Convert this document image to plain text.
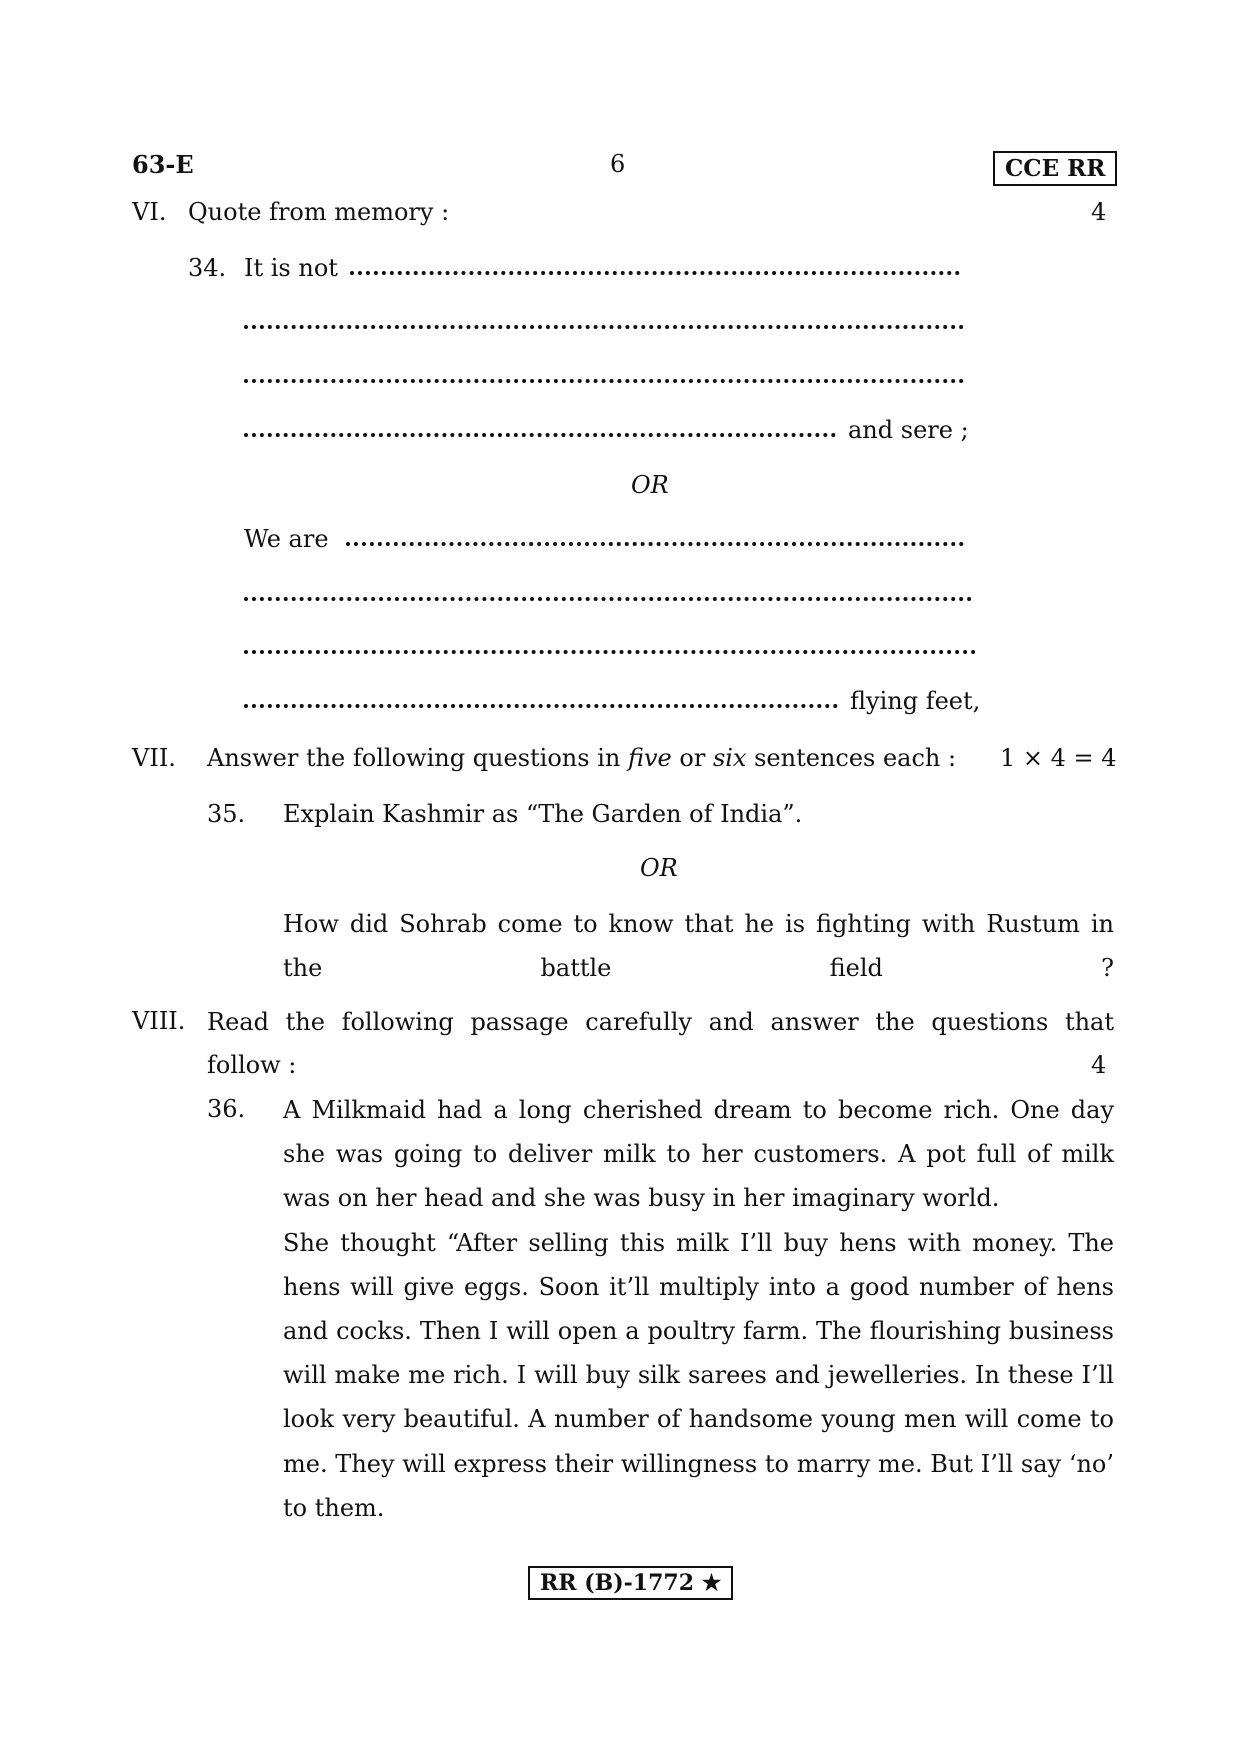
63-E	6	CCE RR
VI. Quote from memory :	4
34. It is not
and sere ;
OR
We are
flying feet,
VII. Answer the following questions in five or six sentences each : 1 × 4 = 4
35. Explain Kashmir as “The Garden of India”.
OR

How did Sohrab come to know that he is fighting with Rustum in the battle field ?

VIII. Read the following passage carefully and answer the questions that

follow :	4
36. A Milkmaid had a long cherished dream to become rich. One day she was going to deliver milk to her customers. A pot full of milk was on her head and she was busy in her imaginary world.

She thought “After selling this milk I’ll buy hens with money. The hens will give eggs. Soon it’ll multiply into a good number of hens and cocks. Then I will open a poultry farm. The flourishing business will make me rich. I will buy silk sarees and jewelleries. In these I’ll look very beautiful. A number of handsome young men will come to me. They will express their willingness to marry me. But I’ll say ‘no’ to them.

RR (B)-1772 ★
